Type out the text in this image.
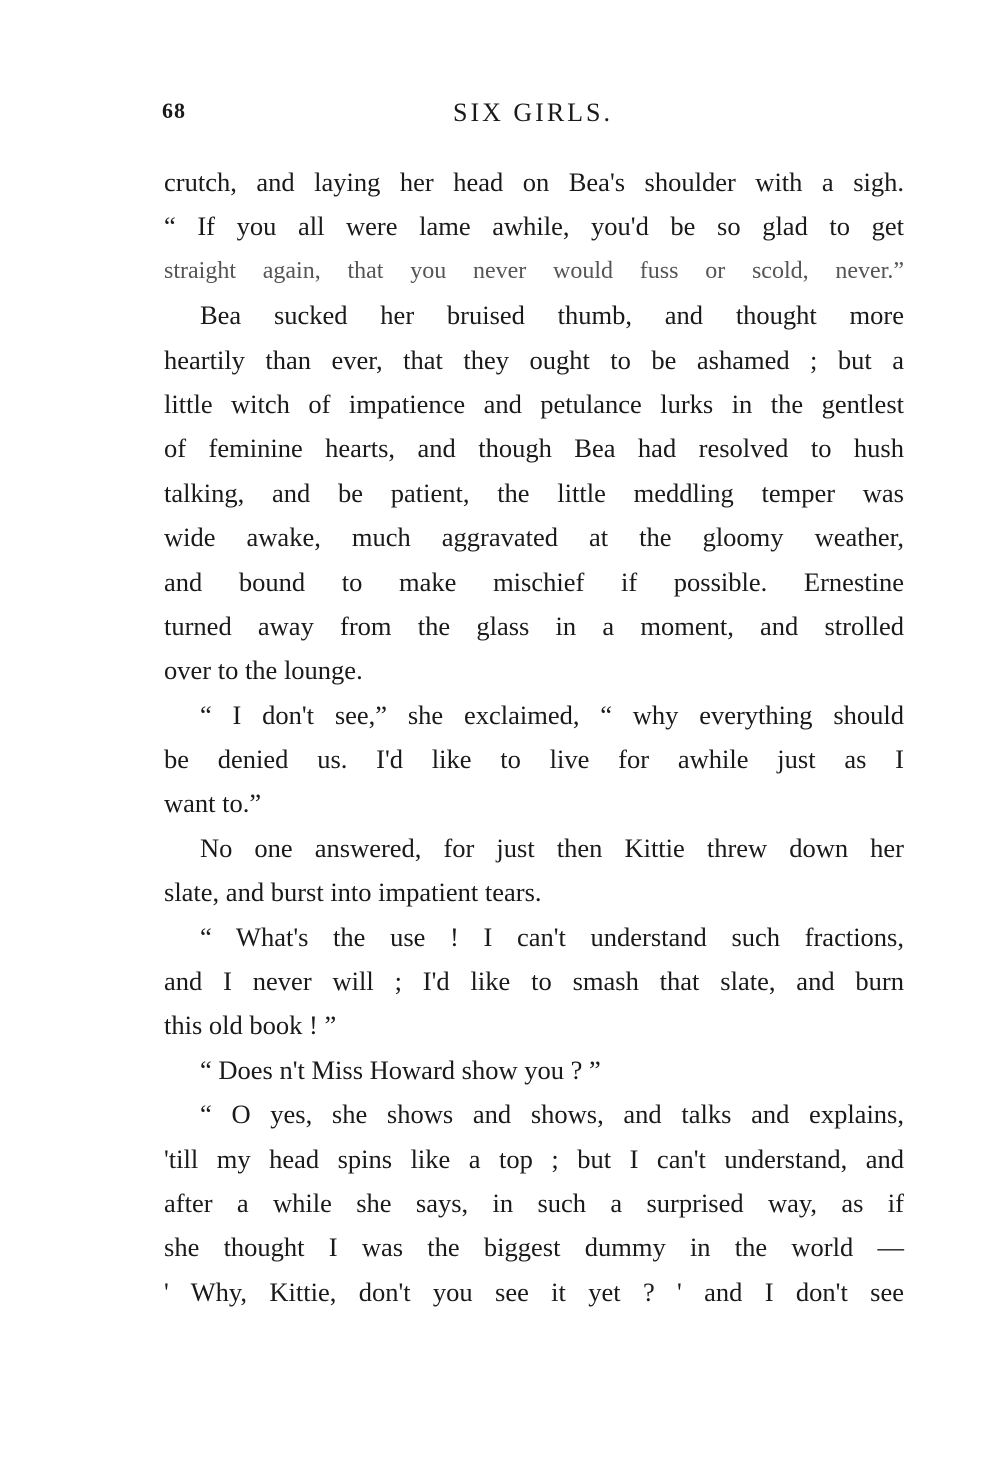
68	SIX GIRLS.
crutch, and laying her head on Bea's shoulder with a sigh.
“ If you all were lame awhile, you'd be so glad to get
straight again, that you never would fuss or scold, never.”
Bea sucked her bruised thumb, and thought more
heartily than ever, that they ought to be ashamed ; but a
little witch of impatience and petulance lurks in the gentlest
of feminine hearts, and though Bea had resolved to hush
talking, and be patient, the little meddling temper was
wide awake, much aggravated at the gloomy weather,
and bound to make mischief if possible. Ernestine
turned away from the glass in a moment, and strolled
over to the lounge.
“ I don't see,” she exclaimed, “ why everything should
be denied us. I'd like to live for awhile just as I
want to.”
No one answered, for just then Kittie threw down her
slate, and burst into impatient tears.
“ What's the use ! I can't understand such fractions,
and I never will ; I'd like to smash that slate, and burn
this old book ! ”
“ Does n't Miss Howard show you ? ”
“ O yes, she shows and shows, and talks and explains,
'till my head spins like a top ; but I can't understand, and
after a while she says, in such a surprised way, as if
she thought I was the biggest dummy in the world —
' Why, Kittie, don't you see it yet ? ' and I don't see
